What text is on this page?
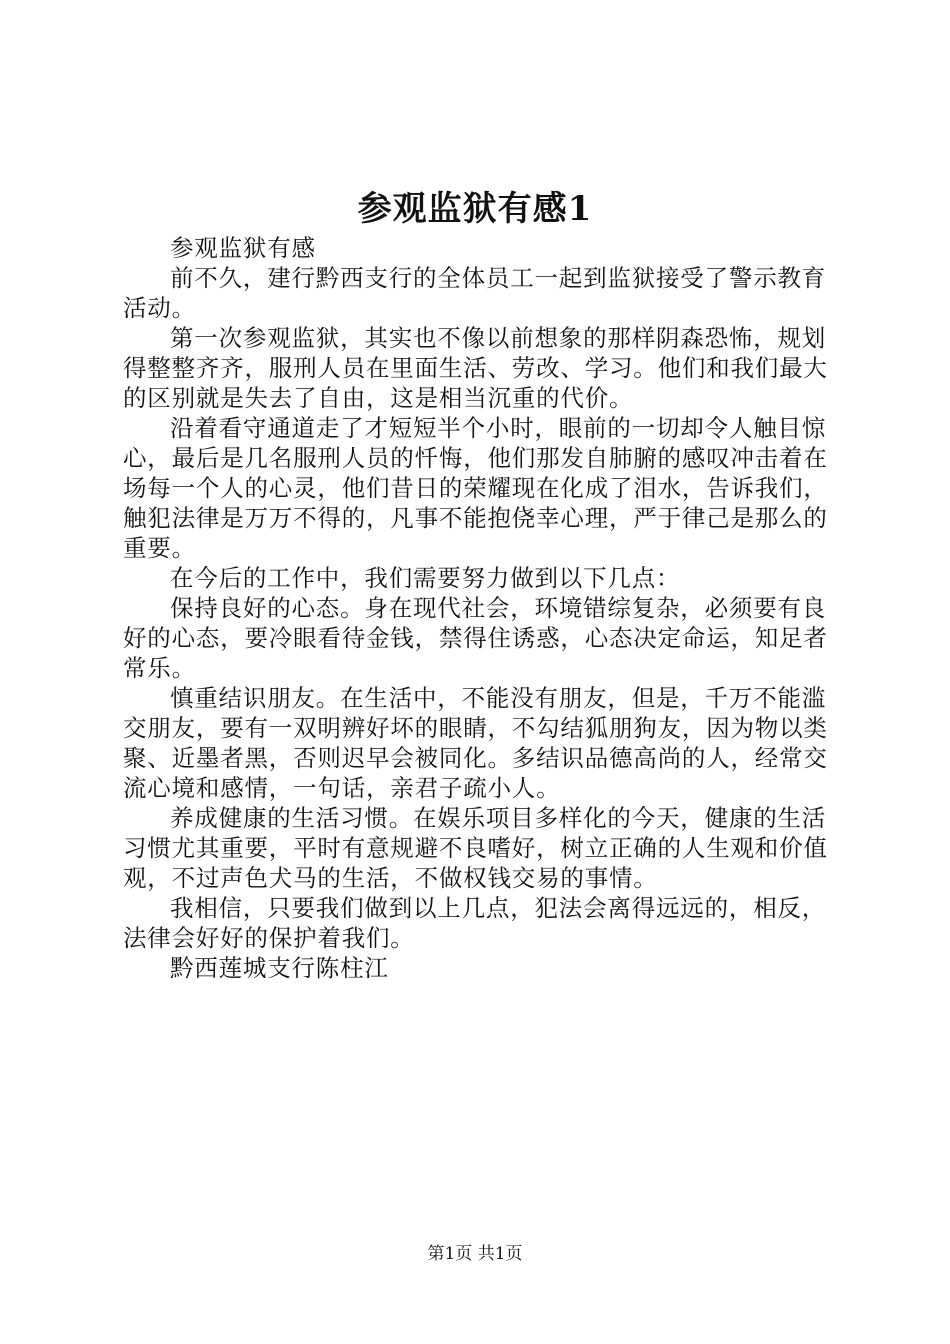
参观监狱有感1

参观监狱有感

前不久，建行黔西支行的全体员工一起到监狱接受了警示教育活动。

第一次参观监狱，其实也不像以前想象的那样阴森恐怖，规划得整整齐齐，服刑人员在里面生活、劳改、学习。他们和我们最大的区别就是失去了自由，这是相当沉重的代价。

沿着看守通道走了才短短半个小时，眼前的一切却令人触目惊心，最后是几名服刑人员的忏悔，他们那发自肺腑的感叹冲击着在场每一个人的心灵，他们昔日的荣耀现在化成了泪水，告诉我们，触犯法律是万万不得的，凡事不能抱侥幸心理，严于律己是那么的重要。

在今后的工作中，我们需要努力做到以下几点：

保持良好的心态。身在现代社会，环境错综复杂，必须要有良好的心态，要冷眼看待金钱，禁得住诱惑，心态决定命运，知足者常乐。

慎重结识朋友。在生活中，不能没有朋友，但是，千万不能滥交朋友，要有一双明辨好坏的眼睛，不勾结狐朋狗友，因为物以类聚、近墨者黑，否则迟早会被同化。多结识品德高尚的人，经常交流心境和感情，一句话，亲君子疏小人。

养成健康的生活习惯。在娱乐项目多样化的今天，健康的生活习惯尤其重要，平时有意规避不良嗜好，树立正确的人生观和价值观，不过声色犬马的生活，不做权钱交易的事情。

我相信，只要我们做到以上几点，犯法会离得远远的，相反，法律会好好的保护着我们。

黔西莲城支行陈柱江

第1页 共1页
